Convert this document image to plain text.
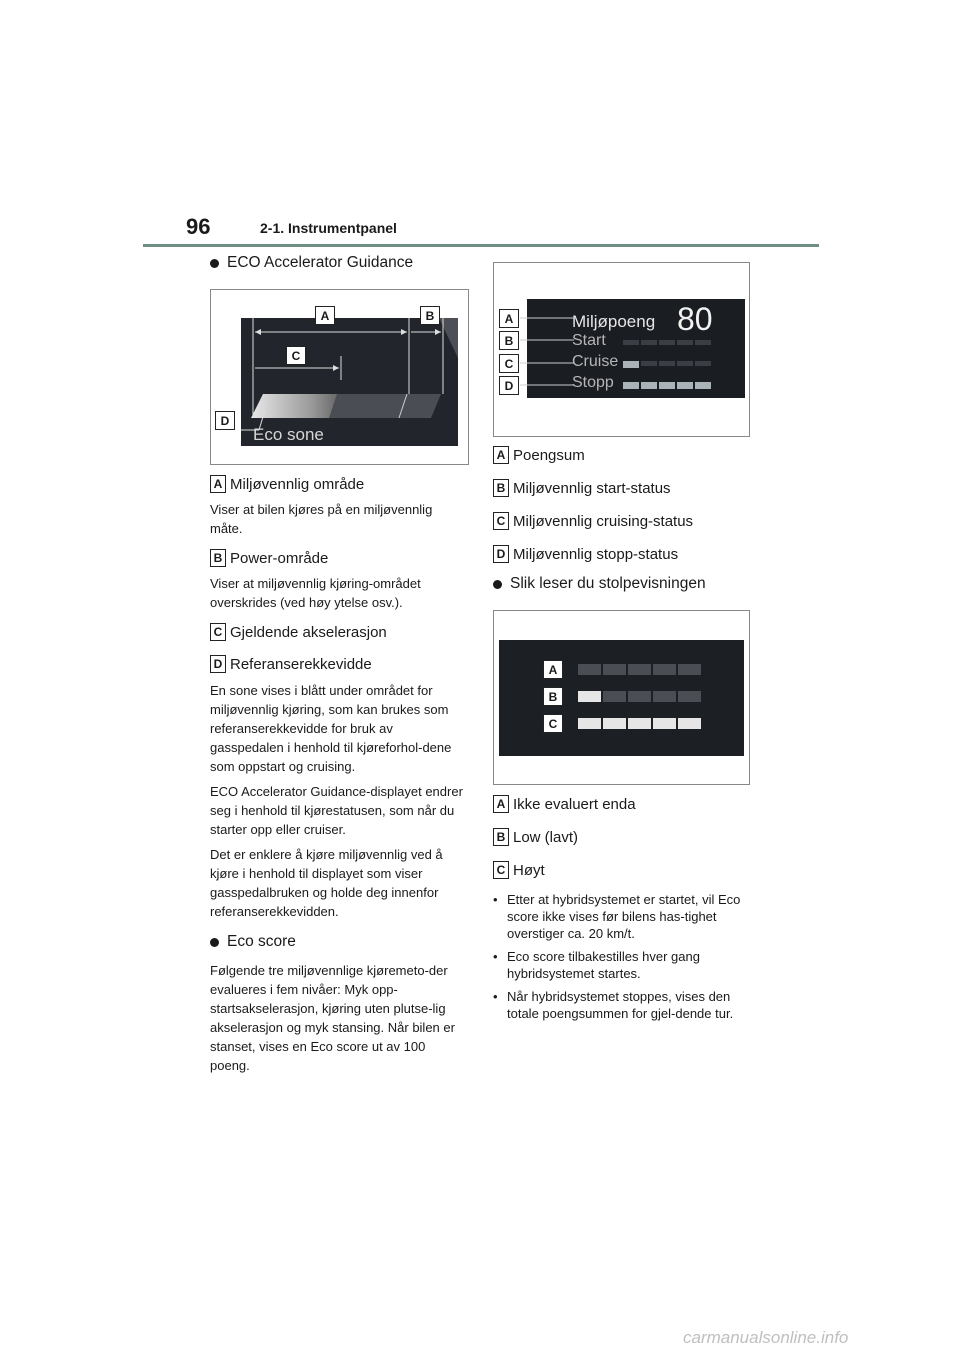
96	2-1. Instrumentpanel
ECO Accelerator Guidance
Eco sone
A	B
C
D
A Miljøvennlig område

Viser at bilen kjøres på en miljøvennlig måte.

B Power-område

Viser at miljøvennlig kjøring-området overskrides (ved høy ytelse osv.).

C Gjeldende akselerasjon
D Referanserekkevidde

En sone vises i blått under området for miljøvennlig kjøring, som kan brukes som referanserekkevidde for bruk av gasspedalen i henhold til kjøreforhol-dene som oppstart og cruising.

ECO Accelerator Guidance-displayet endrer seg i henhold til kjørestatusen, som når du starter opp eller cruiser.

Det er enklere å kjøre miljøvennlig ved å kjøre i henhold til displayet som viser gasspedalbruken og holde deg innenfor referanserekkevidden.

Eco score

Følgende tre miljøvennlige kjøremeto-der evalueres i fem nivåer: Myk opp-startsakselerasjon, kjøring uten plutse-lig akselerasjon og myk stansing. Når bilen er stanset, vises en Eco score ut av 100 poeng.

Miljøpoeng 80
Start
Cruise
Stopp
A
B
C
D
A Poengsum
B Miljøvennlig start-status
C Miljøvennlig cruising-status
D Miljøvennlig stopp-status
Slik leser du stolpevisningen
A
B
C
A Ikke evaluert enda
B Low (lavt)
C Høyt
• Etter at hybridsystemet er startet, vil Eco score ikke vises før bilens has-tighet overstiger ca. 20 km/t.
• Eco score tilbakestilles hver gang hybridsystemet startes.
• Når hybridsystemet stoppes, vises den totale poengsummen for gjel-dende tur.
carmanualsonline.info
